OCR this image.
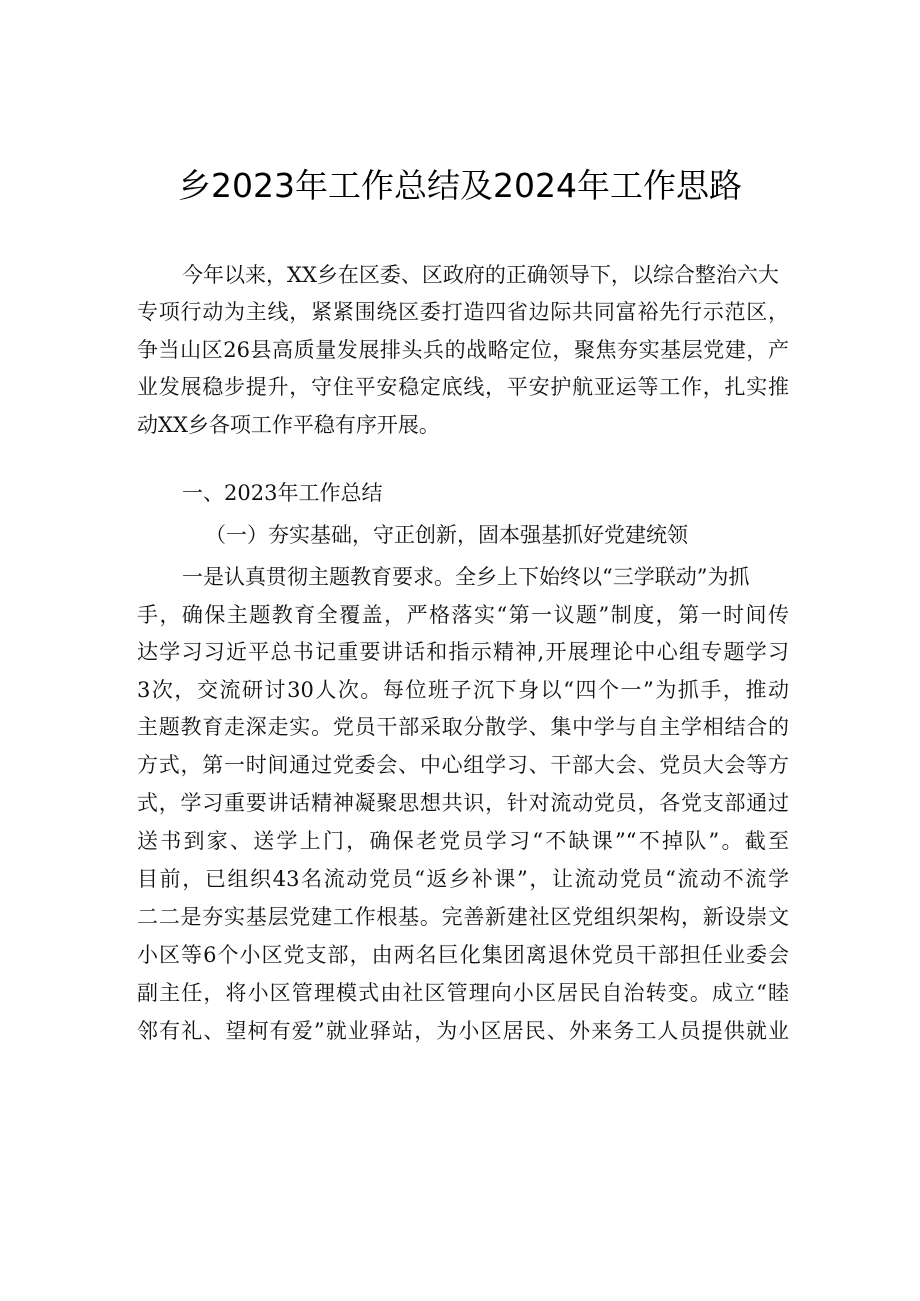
乡2023年工作总结及2024年工作思路
今年以来，XX乡在区委、区政府的正确领导下，以综合整治六大
专项行动为主线，紧紧围绕区委打造四省边际共同富裕先行示范区，
争当山区26县高质量发展排头兵的战略定位，聚焦夯实基层党建，产
业发展稳步提升，守住平安稳定底线，平安护航亚运等工作，扎实推
动XX乡各项工作平稳有序开展。
一、2023年工作总结
（一）夯实基础，守正创新，固本强基抓好党建统领
一是认真贯彻主题教育要求。全乡上下始终以“三学联动”为抓
手，确保主题教育全覆盖，严格落实“第一议题”制度，第一时间传
达学习习近平总书记重要讲话和指示精神,开展理论中心组专题学习
3次，交流研讨30人次。每位班子沉下身以“四个一”为抓手，推动
主题教育走深走实。党员干部采取分散学、集中学与自主学相结合的
方式，第一时间通过党委会、中心组学习、干部大会、党员大会等方
式，学习重要讲话精神凝聚思想共识，针对流动党员，各党支部通过
送书到家、送学上门，确保老党员学习“不缺课”“不掉队”。截至
目前，已组织43名流动党员“返乡补课”，让流动党员“流动不流学
二二是夯实基层党建工作根基。完善新建社区党组织架构，新设崇文
小区等6个小区党支部，由两名巨化集团离退休党员干部担任业委会
副主任，将小区管理模式由社区管理向小区居民自治转变。成立“睦
邻有礼、望柯有爱”就业驿站，为小区居民、外来务工人员提供就业
